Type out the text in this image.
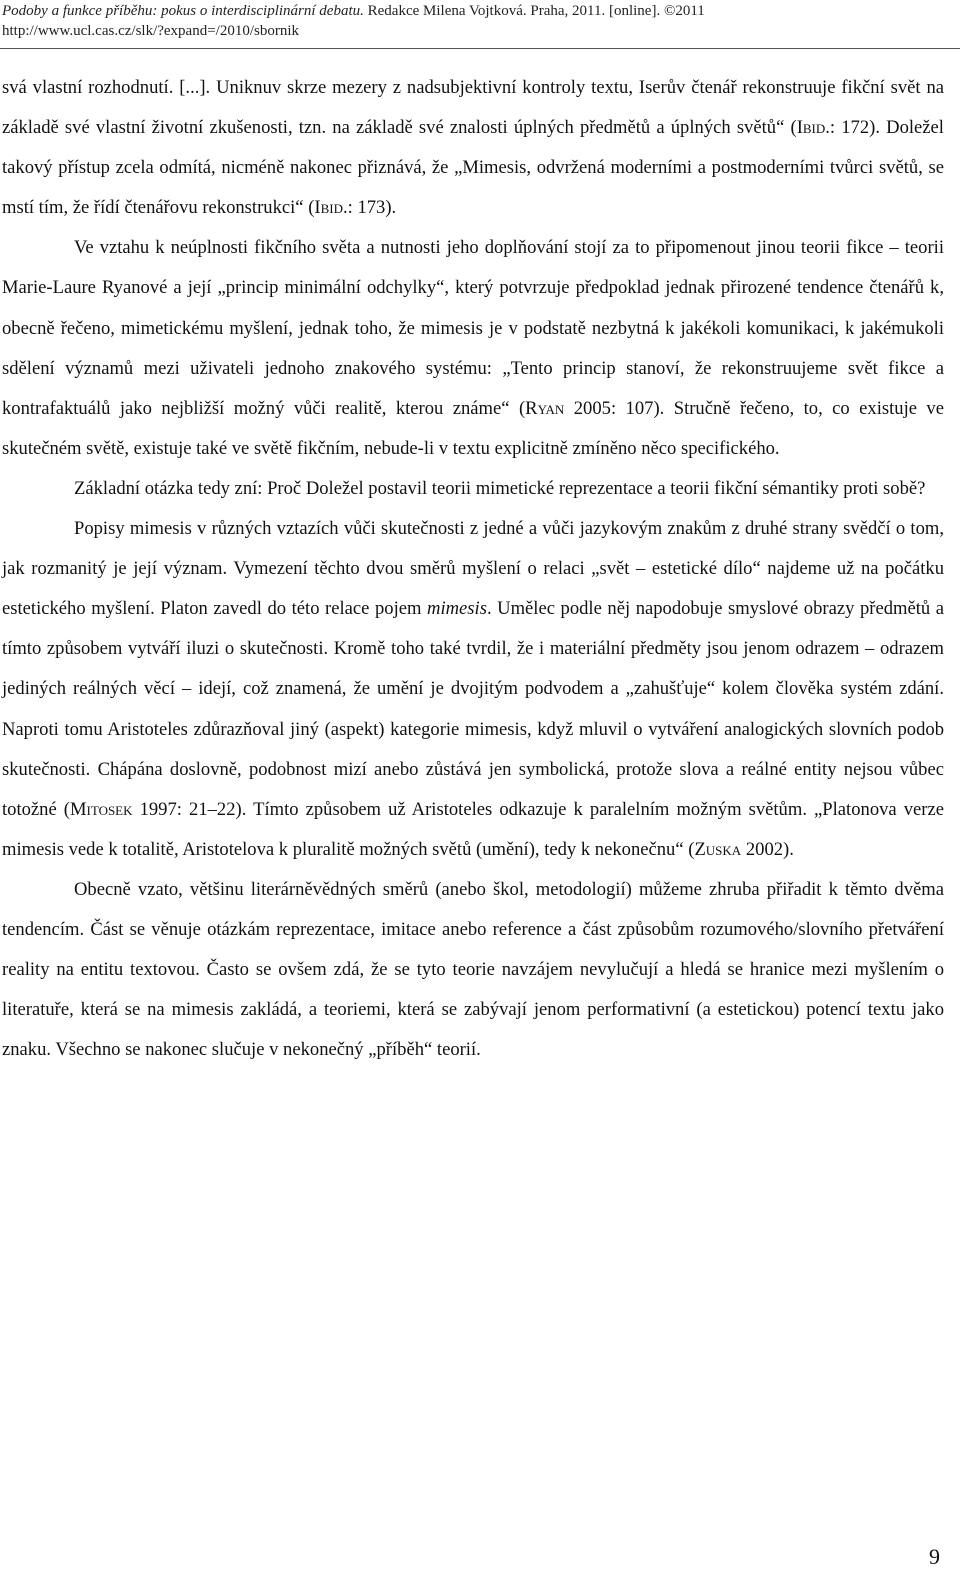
Podoby a funkce příběhu: pokus o interdisciplinární debatu. Redakce Milena Vojtková. Praha, 2011. [online]. ©2011
http://www.ucl.cas.cz/slk/?expand=/2010/sbornik

svá vlastní rozhodnutí. [...]. Uniknuv skrze mezery z nadsubjektivní kontroly textu, Iserův čtenář rekonstruuje fikční svět na základě své vlastní životní zkušenosti, tzn. na základě své znalosti úplných předmětů a úplných světů“ (Ibid.: 172). Doležel takový přístup zcela odmítá, nicméně nakonec přiznává, že „Mimesis, odvržená moderními a postmoderními tvůrci světů, se mstí tím, že řídí čtenářovu rekonstrukci“ (Ibid.: 173).

Ve vztahu k neúplnosti fikčního světa a nutnosti jeho doplňování stojí za to připomenout jinou teorii fikce – teorii Marie-Laure Ryanové a její „princip minimální odchylky“, který potvrzuje předpoklad jednak přirozené tendence čtenářů k, obecně řečeno, mimetickému myšlení, jednak toho, že mimesis je v podstatě nezbytná k jakékoli komunikaci, k jakémukoli sdělení významů mezi uživateli jednoho znakového systému: „Tento princip stanoví, že rekonstruujeme svět fikce a kontrafaktuálů jako nejbližší možný vůči realitě, kterou známe“ (Ryan 2005: 107). Stručně řečeno, to, co existuje ve skutečném světě, existuje také ve světě fikčním, nebude-li v textu explicitně zmíněno něco specifického.

Základní otázka tedy zní: Proč Doležel postavil teorii mimetické reprezentace a teorii fikční sémantiky proti sobě?

Popisy mimesis v různých vztazích vůči skutečnosti z jedné a vůči jazykovým znakům z druhé strany svědčí o tom, jak rozmanitý je její význam. Vymezení těchto dvou směrů myšlení o relaci „svět – estetické dílo“ najdeme už na počátku estetického myšlení. Platon zavedl do této relace pojem mimesis. Umělec podle něj napodobuje smyslové obrazy předmětů a tímto způsobem vytváří iluzi o skutečnosti. Kromě toho také tvrdil, že i materiální předměty jsou jenom odrazem – odrazem jediných reálných věcí – idejí, což znamená, že umění je dvojitým podvodem a „zahušťuje“ kolem člověka systém zdání. Naproti tomu Aristoteles zdůrazňoval jiný (aspekt) kategorie mimesis, když mluvil o vytváření analogických slovních podob skutečnosti. Chápána doslovně, podobnost mizí anebo zůstává jen symbolická, protože slova a reálné entity nejsou vůbec totožné (Mitosek 1997: 21–22). Tímto způsobem už Aristoteles odkazuje k paralelním možným světům. „Platonova verze mimesis vede k totalitě, Aristotelova k pluralitě možných světů (umění), tedy k nekonečnu“ (Zuska 2002).

Obecně vzato, většinu literárněvědných směrů (anebo škol, metodologií) můžeme zhruba přiřadit k těmto dvěma tendencím. Část se věnuje otázkám reprezentace, imitace anebo reference a část způsobům rozumového/slovního přetváření reality na entitu textovou. Často se ovšem zdá, že se tyto teorie navzájem nevylučují a hledá se hranice mezi myšlením o literatuře, která se na mimesis zakládá, a teoriemi, která se zabývají jenom performativní (a estetickou) potencí textu jako znaku. Všechno se nakonec slučuje v nekonečný „příběh“ teorií.

9
